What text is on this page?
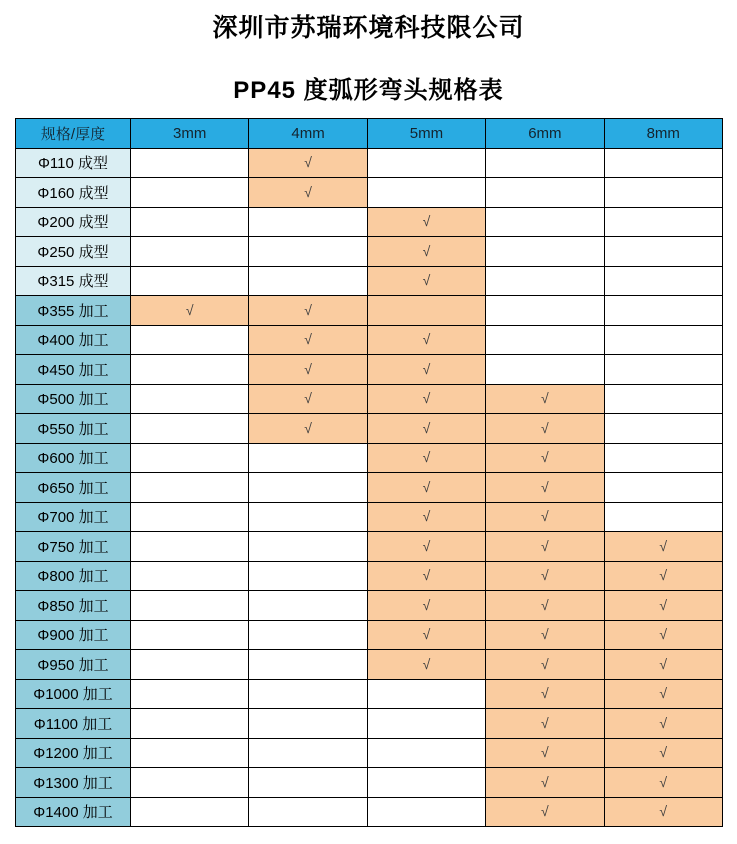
深圳市苏瑞环境科技限公司
PP45 度弧形弯头规格表
规格/厚度	3mm	4mm	5mm	6mm	8mm
Φ110 成型		√			
Φ160 成型		√			
Φ200 成型			√		
Φ250 成型			√		
Φ315 成型			√		
Φ355 加工	√	√			
Φ400 加工		√	√		
Φ450 加工		√	√		
Φ500 加工		√	√	√	
Φ550 加工		√	√	√	
Φ600 加工			√	√	
Φ650 加工			√	√	
Φ700 加工			√	√	
Φ750 加工			√	√	√
Φ800 加工			√	√	√
Φ850 加工			√	√	√
Φ900 加工			√	√	√
Φ950 加工			√	√	√
Φ1000 加工				√	√
Φ1100 加工				√	√
Φ1200 加工				√	√
Φ1300 加工				√	√
Φ1400 加工				√	√
